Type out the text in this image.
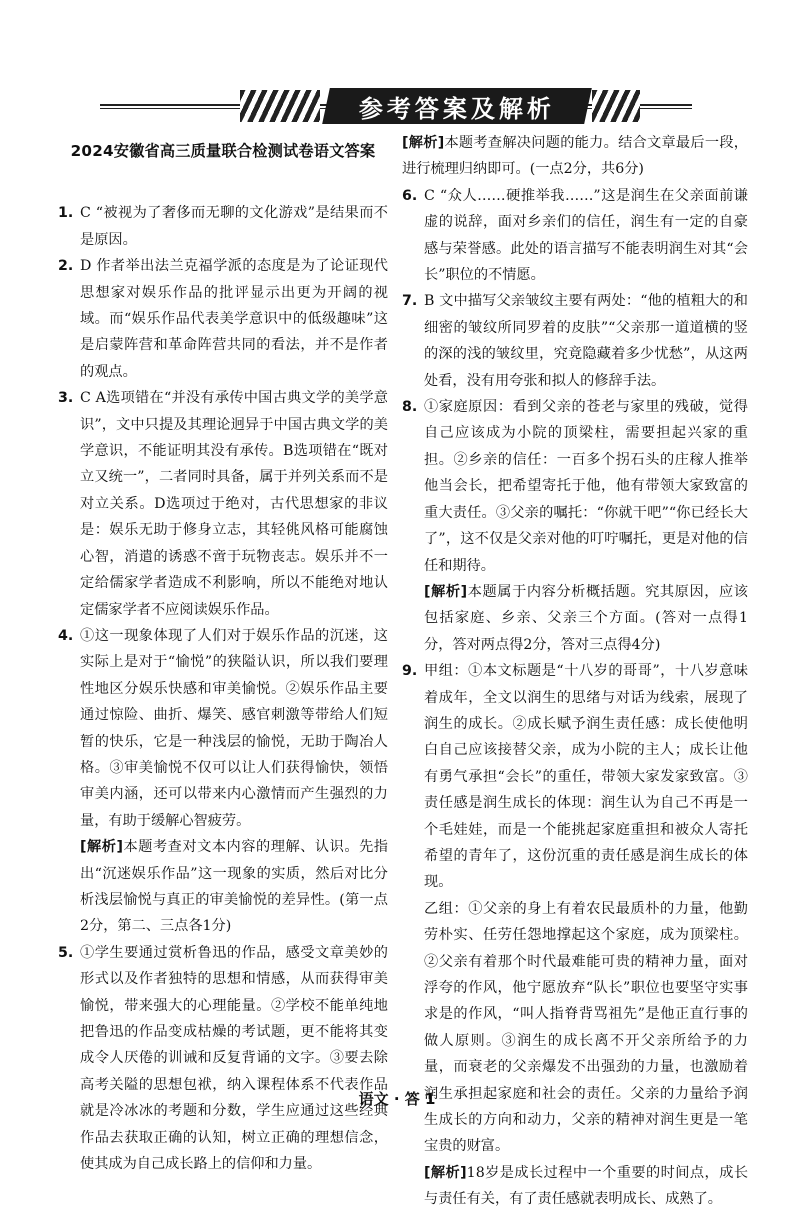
参考答案及解析
2024安徽省高三质量联合检测试卷语文答案
1. C “被视为了奢侈而无聊的文化游戏”是结果而不是原因。

2. D 作者举出法兰克福学派的态度是为了论证现代思想家对娱乐作品的批评显示出更为开阔的视域。而“娱乐作品代表美学意识中的低级趣味”这是启蒙阵营和革命阵营共同的看法，并不是作者的观点。

3. C A选项错在“并没有承传中国古典文学的美学意识”，文中只提及其理论迥异于中国古典文学的美学意识，不能证明其没有承传。B选项错在“既对立又统一”，二者同时具备，属于并列关系而不是对立关系。D选项过于绝对，古代思想家的非议是：娱乐无助于修身立志，其轻佻风格可能腐蚀心智，消遣的诱惑不啻于玩物丧志。娱乐并不一定给儒家学者造成不利影响，所以不能绝对地认定儒家学者不应阅读娱乐作品。

4. ①这一现象体现了人们对于娱乐作品的沉迷，这实际上是对于“愉悦”的狭隘认识，所以我们要理性地区分娱乐快感和审美愉悦。②娱乐作品主要通过惊险、曲折、爆笑、感官刺激等带给人们短暂的快乐，它是一种浅层的愉悦，无助于陶冶人格。③审美愉悦不仅可以让人们获得愉快，领悟审美内涵，还可以带来内心激情而产生强烈的力量，有助于缓解心智疲劳。

[解析]本题考查对文本内容的理解、认识。先指出“沉迷娱乐作品”这一现象的实质，然后对比分析浅层愉悦与真正的审美愉悦的差异性。(第一点2分，第二、三点各1分)

5. ①学生要通过赏析鲁迅的作品，感受文章美妙的形式以及作者独特的思想和情感，从而获得审美愉悦，带来强大的心理能量。②学校不能单纯地把鲁迅的作品变成枯燥的考试题，更不能将其变成令人厌倦的训诫和反复背诵的文字。③要去除高考关隘的思想包袱，纳入课程体系不代表作品就是冷冰冰的考题和分数，学生应通过这些经典作品去获取正确的认知，树立正确的理想信念，使其成为自己成长路上的信仰和力量。

[解析]本题考查解决问题的能力。结合文章最后一段，进行梳理归纳即可。(一点2分，共6分)

6. C “众人……硬推举我……”这是润生在父亲面前谦虚的说辞，面对乡亲们的信任，润生有一定的自豪感与荣誉感。此处的语言描写不能表明润生对其“会长”职位的不情愿。

7. B 文中描写父亲皱纹主要有两处：“他的植粗大的和细密的皱纹所同罗着的皮肤”“父亲那一道道横的竖的深的浅的皱纹里，究竟隐藏着多少忧愁”，从这两处看，没有用夸张和拟人的修辞手法。

8. ①家庭原因：看到父亲的苍老与家里的残破，觉得自己应该成为小院的顶梁柱，需要担起兴家的重担。②乡亲的信任：一百多个拐石头的庄稼人推举他当会长，把希望寄托于他，他有带领大家致富的重大责任。③父亲的嘱托：“你就干吧”“你已经长大了”，这不仅是父亲对他的叮咛嘱托，更是对他的信任和期待。

[解析]本题属于内容分析概括题。究其原因，应该包括家庭、乡亲、父亲三个方面。(答对一点得1分，答对两点得2分，答对三点得4分)

9. 甲组：①本文标题是“十八岁的哥哥”，十八岁意味着成年，全文以润生的思绪与对话为线索，展现了润生的成长。②成长赋予润生责任感：成长使他明白自己应该接替父亲，成为小院的主人；成长让他有勇气承担“会长”的重任，带领大家发家致富。③责任感是润生成长的体现：润生认为自己不再是一个毛娃娃，而是一个能挑起家庭重担和被众人寄托希望的青年了，这份沉重的责任感是润生成长的体现。

乙组：①父亲的身上有着农民最质朴的力量，他勤劳朴实、任劳任怨地撑起这个家庭，成为顶梁柱。②父亲有着那个时代最难能可贵的精神力量，面对浮夸的作风，他宁愿放弃“队长”职位也要坚守实事求是的作风，“叫人指脊背骂祖先”是他正直行事的做人原则。③润生的成长离不开父亲所给予的力量，而衰老的父亲爆发不出强劲的力量，也激励着润生承担起家庭和社会的责任。父亲的力量给予润生成长的方向和动力，父亲的精神对润生更是一笔宝贵的财富。

[解析]18岁是成长过程中一个重要的时间点，成长与责任有关，有了责任感就表明成长、成熟了。

语文 · 答 1
